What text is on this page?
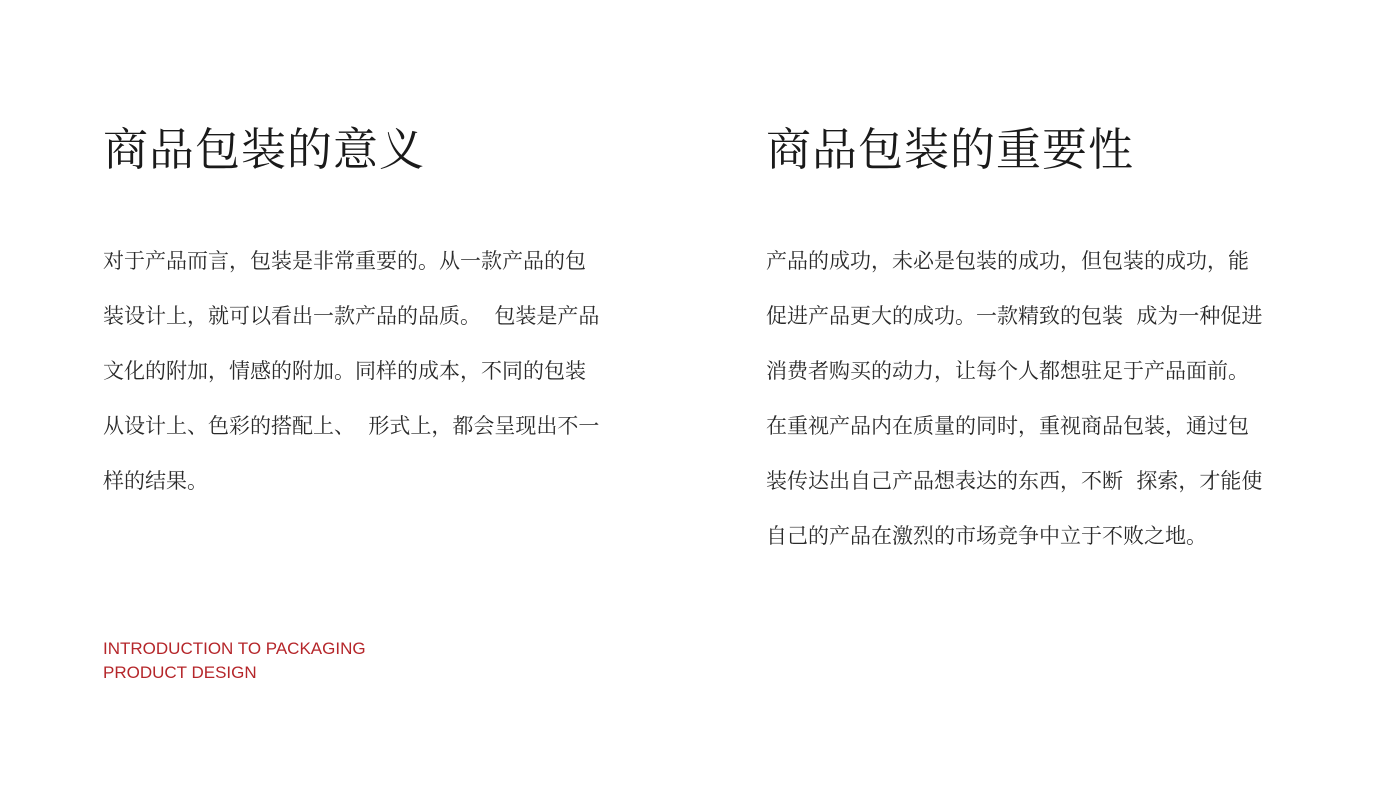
商品包装的意义

对于产品而言，包装是非常重要的。从一款产品的包
装设计上，就可以看出一款产品的品质。  包装是产品
文化的附加，情感的附加。同样的成本，不同的包装
从设计上、色彩的搭配上、  形式上，都会呈现出不一
样的结果。

商品包装的重要性

产品的成功，未必是包装的成功，但包装的成功，能
促进产品更大的成功。一款精致的包装  成为一种促进
消费者购买的动力，让每个人都想驻足于产品面前。
在重视产品内在质量的同时，重视商品包装，通过包
装传达出自己产品想表达的东西，不断  探索，才能使
自己的产品在激烈的市场竞争中立于不败之地。

INTRODUCTION TO PACKAGING
PRODUCT DESIGN
